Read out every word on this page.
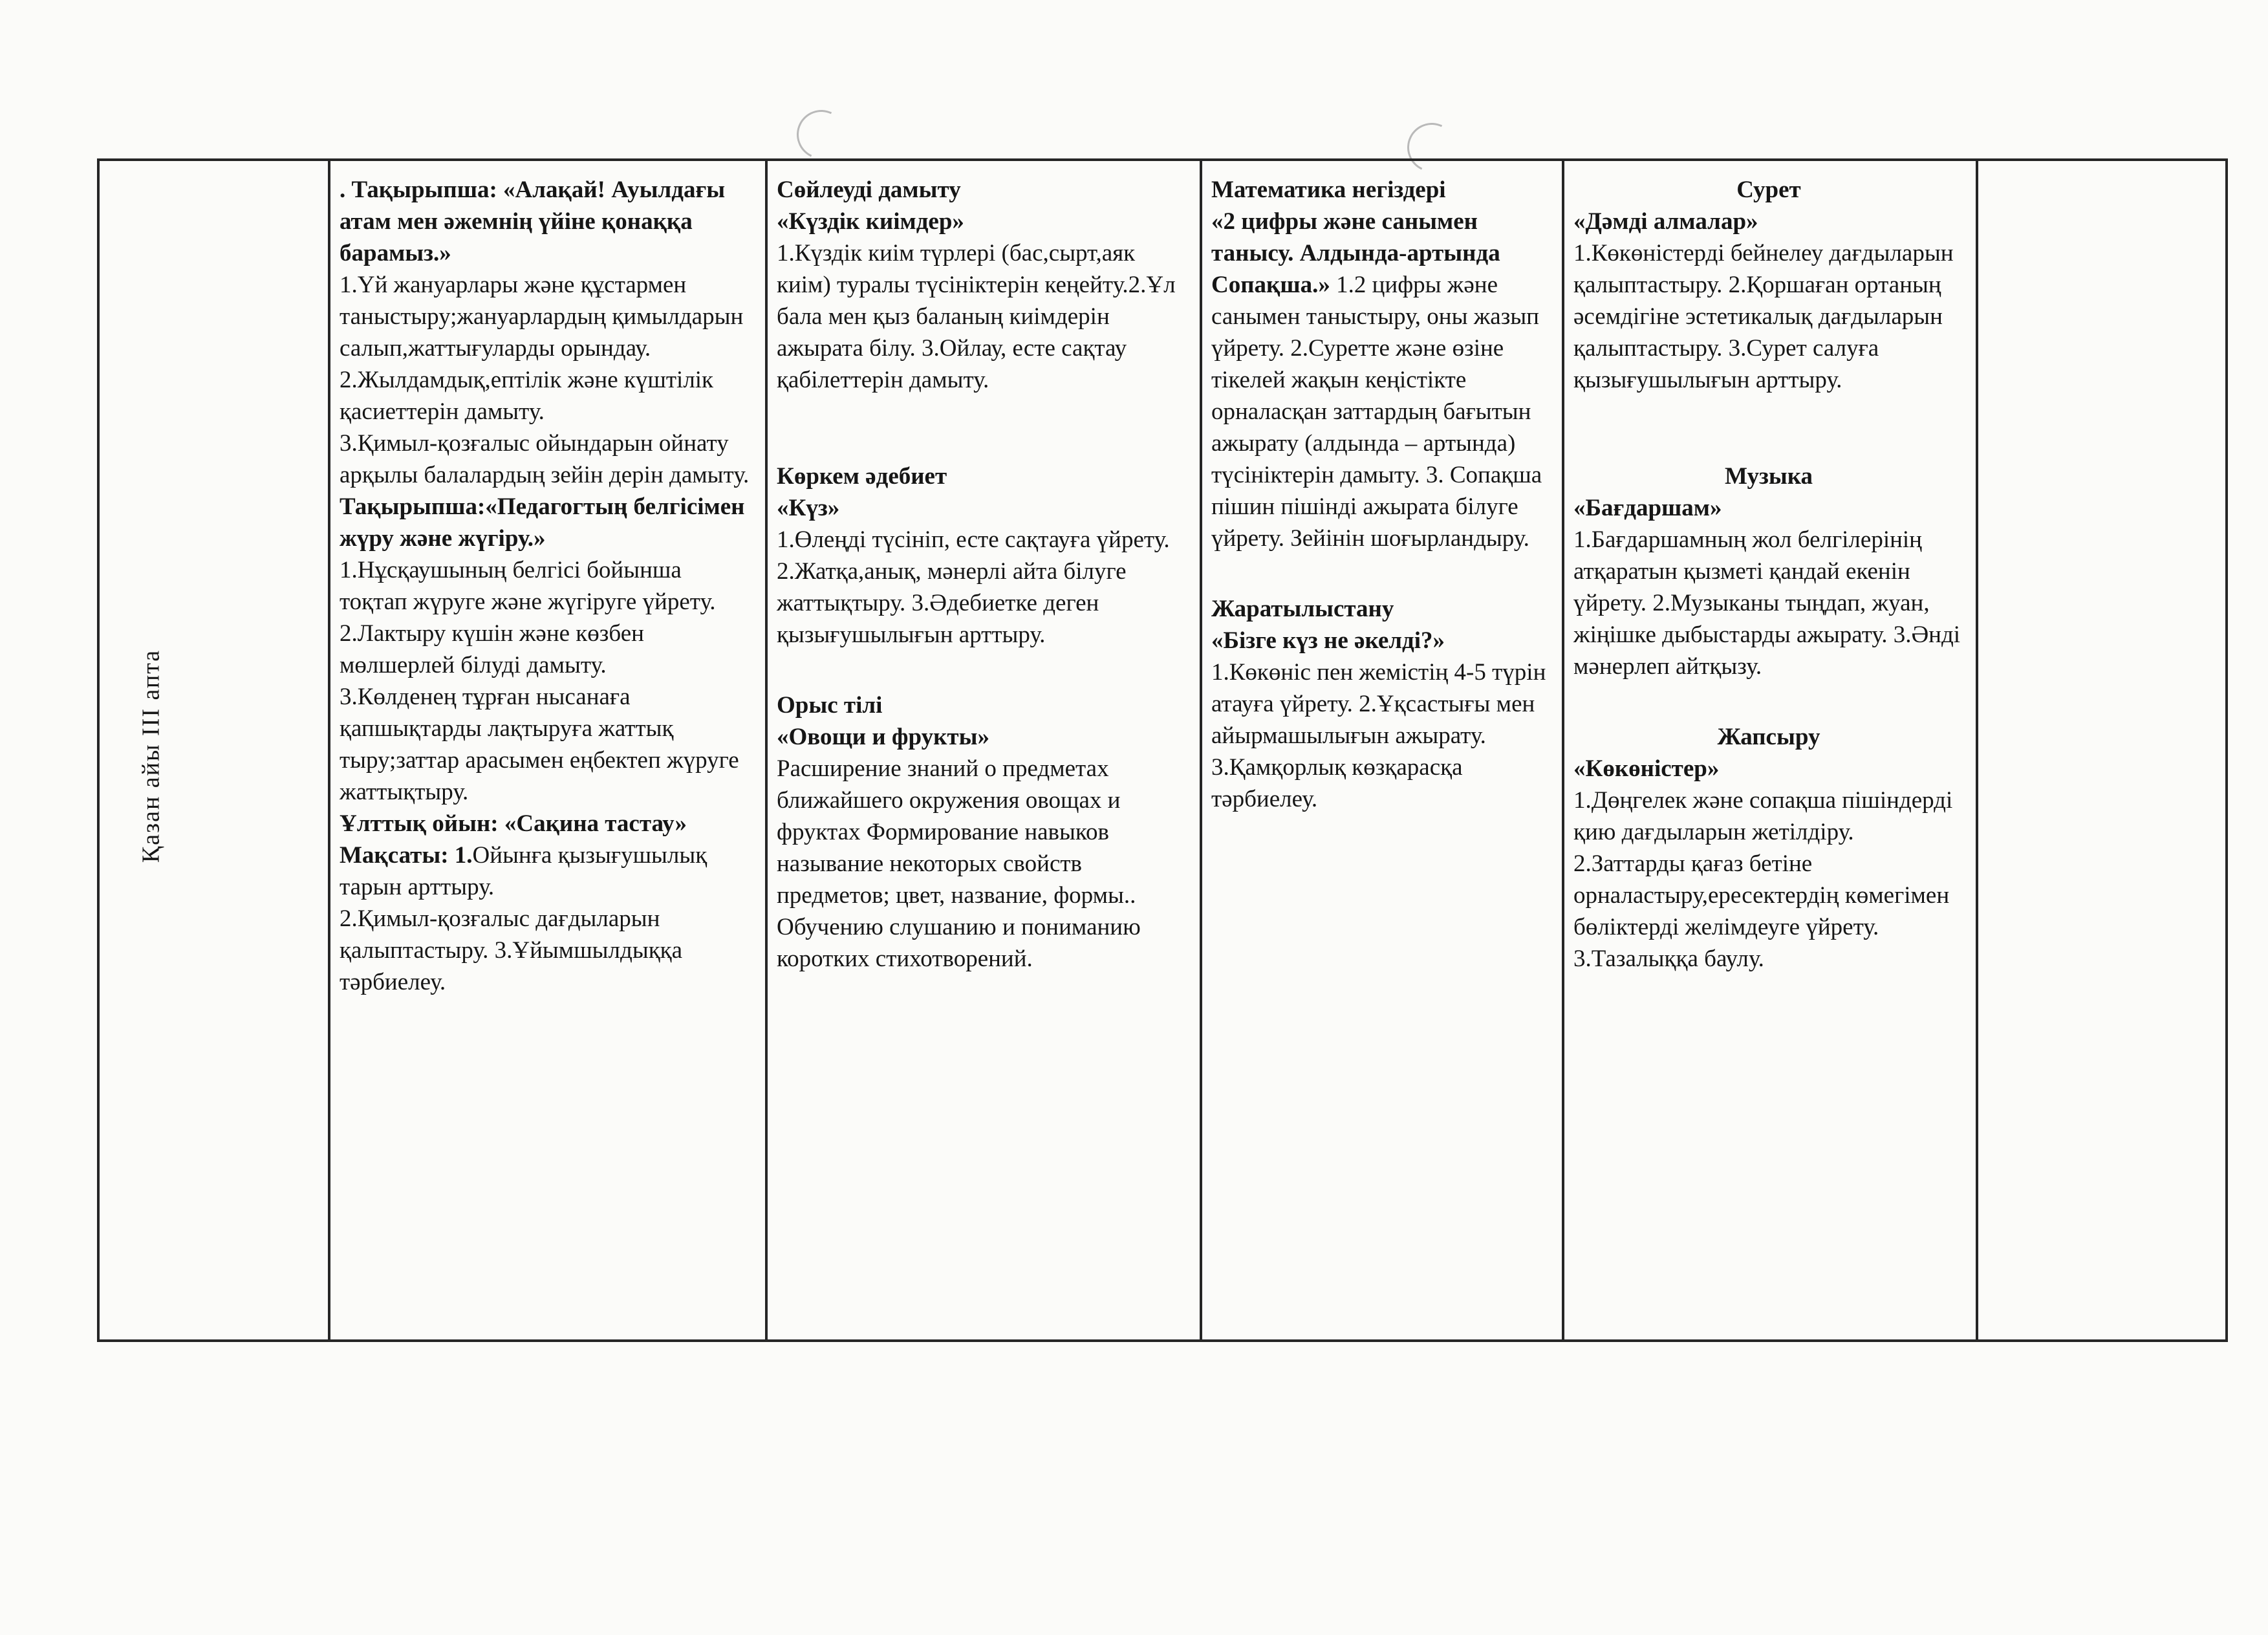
Қазан айы ІІІ апта

. Тақырыпша: «Алақай! Ауылдағы атам мен әжемнің үйіне қонаққа барамыз.»

1.Үй жануарлары және құстармен таныстыру;жануарлардың қимылдарын салып,жаттығуларды орындау.

2.Жылдамдық,ептілік және күштілік қасиеттерін дамыту.

3.Қимыл-қозғалыс ойындарын ойнату арқылы балалардың зейін дерін дамыту.

Тақырыпша:«Педагогтың белгісімен жүру және жүгіру.»

1.Нұсқаушының белгісі бойынша тоқтап жүруге және жүгіруге үйрету.

2.Лактыру күшін және көзбен мөлшерлей білуді дамыту.

3.Көлденең тұрған нысанаға қапшықтарды лақтыруға жаттық тыру;заттар арасымен еңбектеп жүруге жаттықтыру.

Ұлттық ойын: «Сақина тастау»

Мақсаты: 1.Ойынға қызығушылық тарын арттыру.

2.Қимыл-қозғалыс дағдыларын қалыптастыру. 3.Ұйымшылдыққа тәрбиелеу.

Сөйлеуді дамыту

«Күздік киімдер»

1.Күздік киім түрлері (бас,сырт,аяк киім) туралы түсініктерін кеңейту.2.Ұл бала мен қыз баланың киімдерін ажырата білу. 3.Ойлау, есте сақтау қабілеттерін дамыту.

Көркем әдебиет

«Күз»

1.Өлеңді түсініп, есте сақтауға үйрету. 2.Жатқа,анық, мәнерлі айта білуге жаттықтыру. 3.Әдебиетке деген қызығушылығын арттыру.

Орыс тілі

«Овощи и фрукты»

Расширение знаний о предметах ближайшего окружения овощах и фруктах Формирование навыков называние некоторых свойств предметов; цвет, название, формы.. Обучению слушанию и пониманию коротких стихотворений.

Математика негіздері

«2 цифры және санымен танысу. Алдында-артында Сопақша.» 1.2 цифры және санымен таныстыру, оны жазып үйрету. 2.Суретте және өзіне тікелей жақын кеңістікте орналасқан заттардың бағытын ажырату (алдында – артында) түсініктерін дамыту. 3. Сопақша пішин пішінді ажырата білуге үйрету. Зейінін шоғырландыру.

Жаратылыстану

«Бізге күз не әкелді?»

1.Көкөніс пен жемістің 4-5 түрін атауға үйрету. 2.Ұқсастығы мен айырмашылығын ажырату. 3.Қамқорлық көзқарасқа тәрбиелеу.

Сурет

«Дәмді алмалар»

1.Көкөністерді бейнелеу дағдыларын қалыптастыру. 2.Қоршаған ортаның әсемдігіне эстетикалық дағдыларын қалыптастыру. 3.Сурет салуға қызығушылығын арттыру.

Музыка

«Бағдаршам»

1.Бағдаршамның жол белгілерінің атқаратын қызметі қандай екенін үйрету. 2.Музыканы тыңдап, жуан, жіңішке дыбыстарды ажырату. 3.Әнді мәнерлеп айтқызу.

Жапсыру

«Көкөністер»

1.Дөңгелек және сопақша пішіндерді қию дағдыларын жетілдіру. 2.Заттарды қағаз бетіне орналастыру,ересектердің көмегімен бөліктерді желімдеуге үйрету. 3.Тазалыққа баулу.
